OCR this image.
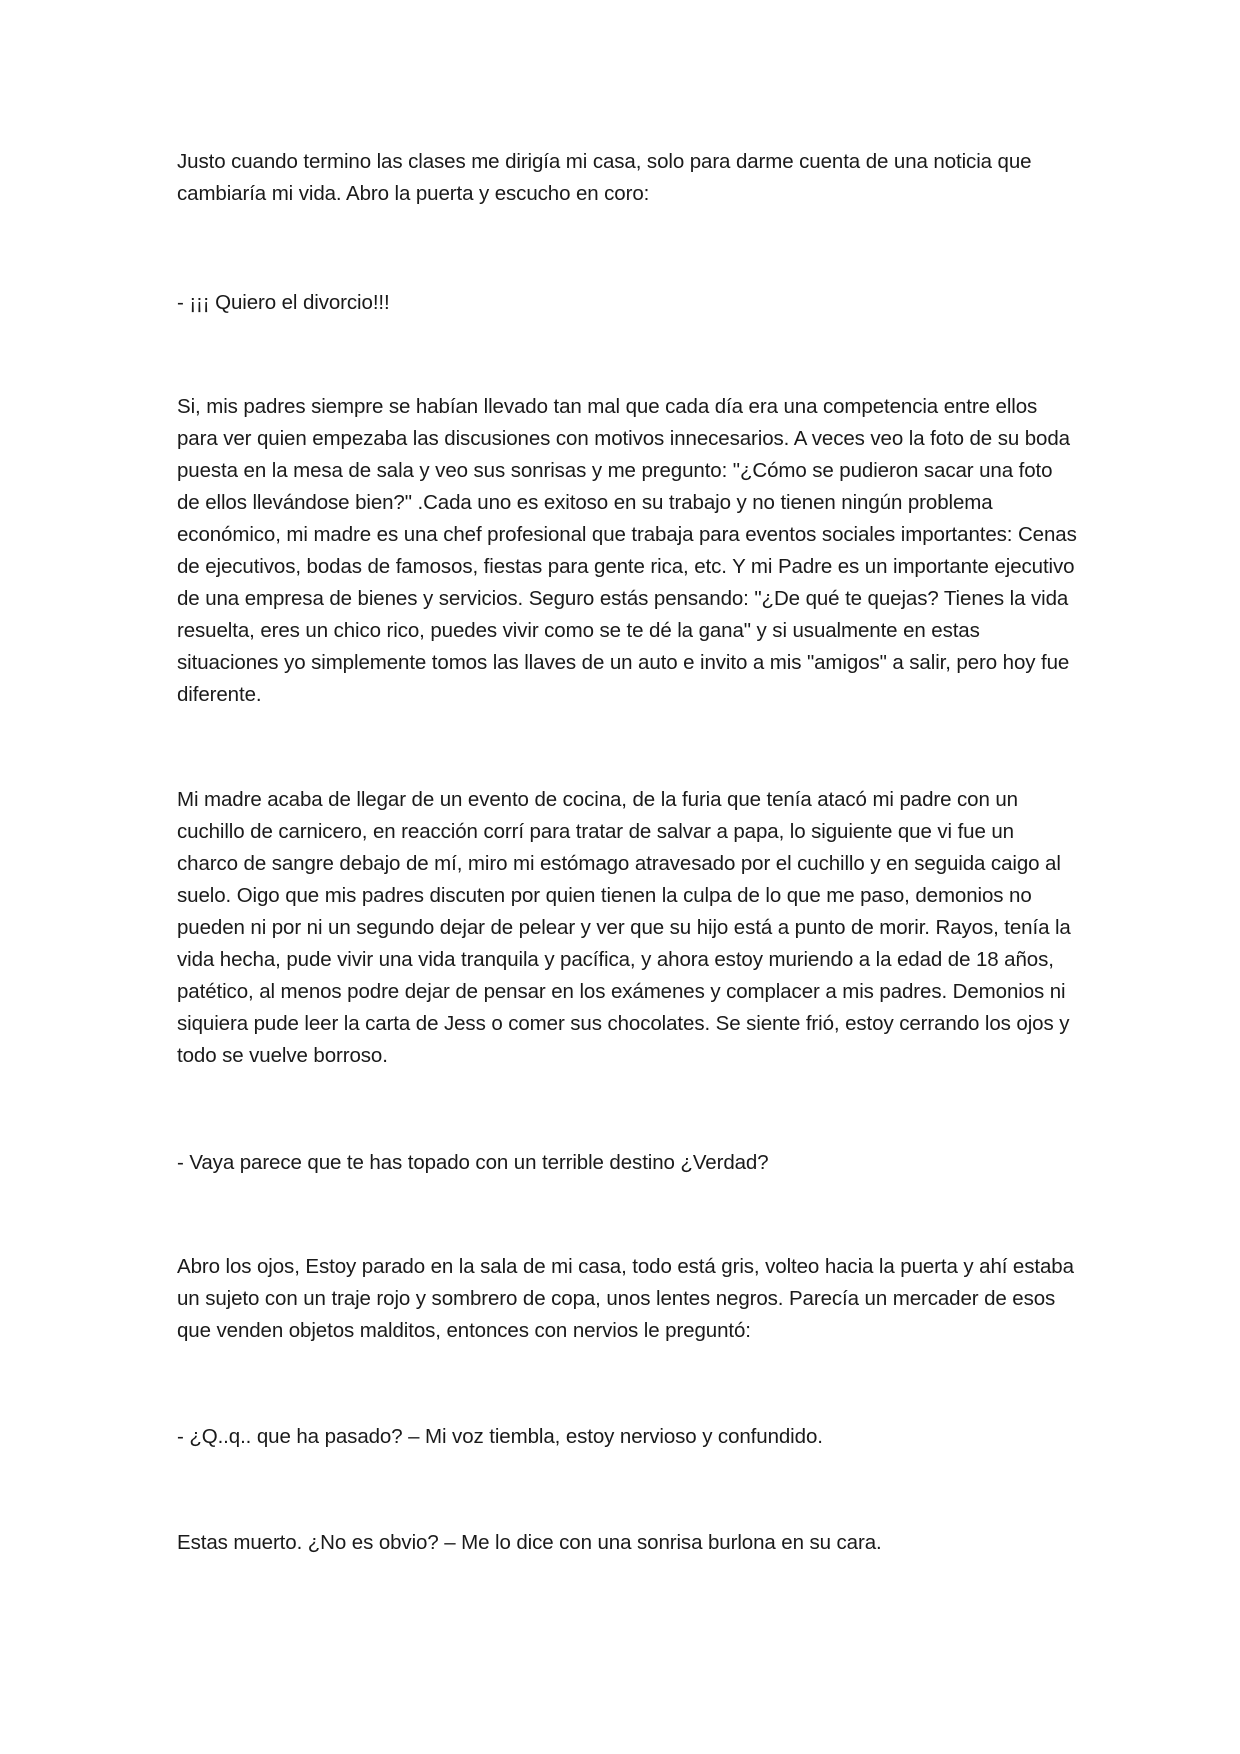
Justo cuando termino las clases me dirigía mi casa, solo para darme cuenta de una noticia que cambiaría mi vida. Abro la puerta y escucho en coro:

- ¡¡¡ Quiero el divorcio!!!

Si, mis padres siempre se habían llevado tan mal que cada día era una competencia entre ellos para ver quien empezaba las discusiones con motivos innecesarios. A veces veo la foto de su boda puesta en la mesa de sala y veo sus sonrisas y me pregunto: "¿Cómo se pudieron sacar una foto de ellos llevándose bien?" .Cada uno es exitoso en su trabajo y no tienen ningún problema económico, mi madre es una chef profesional que trabaja para eventos sociales importantes: Cenas de ejecutivos, bodas de famosos, fiestas para gente rica, etc. Y mi Padre es un importante ejecutivo de una empresa de bienes y servicios. Seguro estás pensando: "¿De qué te quejas? Tienes la vida resuelta, eres un chico rico, puedes vivir como se te dé la gana" y si usualmente en estas situaciones yo simplemente tomos las llaves de un auto e invito a mis "amigos" a salir, pero hoy fue diferente.

Mi madre acaba de llegar de un evento de cocina, de la furia que tenía atacó mi padre con un cuchillo de carnicero, en reacción corrí para tratar de salvar a papa, lo siguiente que vi fue un charco de sangre debajo de mí, miro mi estómago atravesado por el cuchillo y en seguida caigo al suelo. Oigo que mis padres discuten por quien tienen la culpa de lo que me paso, demonios no pueden ni por ni un segundo dejar de pelear y ver que su hijo está a punto de morir. Rayos, tenía la vida hecha, pude vivir una vida tranquila y pacífica, y ahora estoy muriendo a la edad de 18 años, patético, al menos podre dejar de pensar en los exámenes y complacer a mis padres. Demonios ni siquiera pude leer la carta de Jess o comer sus chocolates. Se siente frió, estoy cerrando los ojos y todo se vuelve borroso.

- Vaya parece que te has topado con un terrible destino ¿Verdad?

Abro los ojos, Estoy parado en la sala de mi casa, todo está gris, volteo hacia la puerta y ahí estaba un sujeto con un traje rojo y sombrero de copa, unos lentes negros. Parecía un mercader de esos que venden objetos malditos, entonces con nervios le preguntó:

- ¿Q..q.. que ha pasado? – Mi voz tiembla, estoy nervioso y confundido.

Estas muerto. ¿No es obvio? – Me lo dice con una sonrisa burlona en su cara.
